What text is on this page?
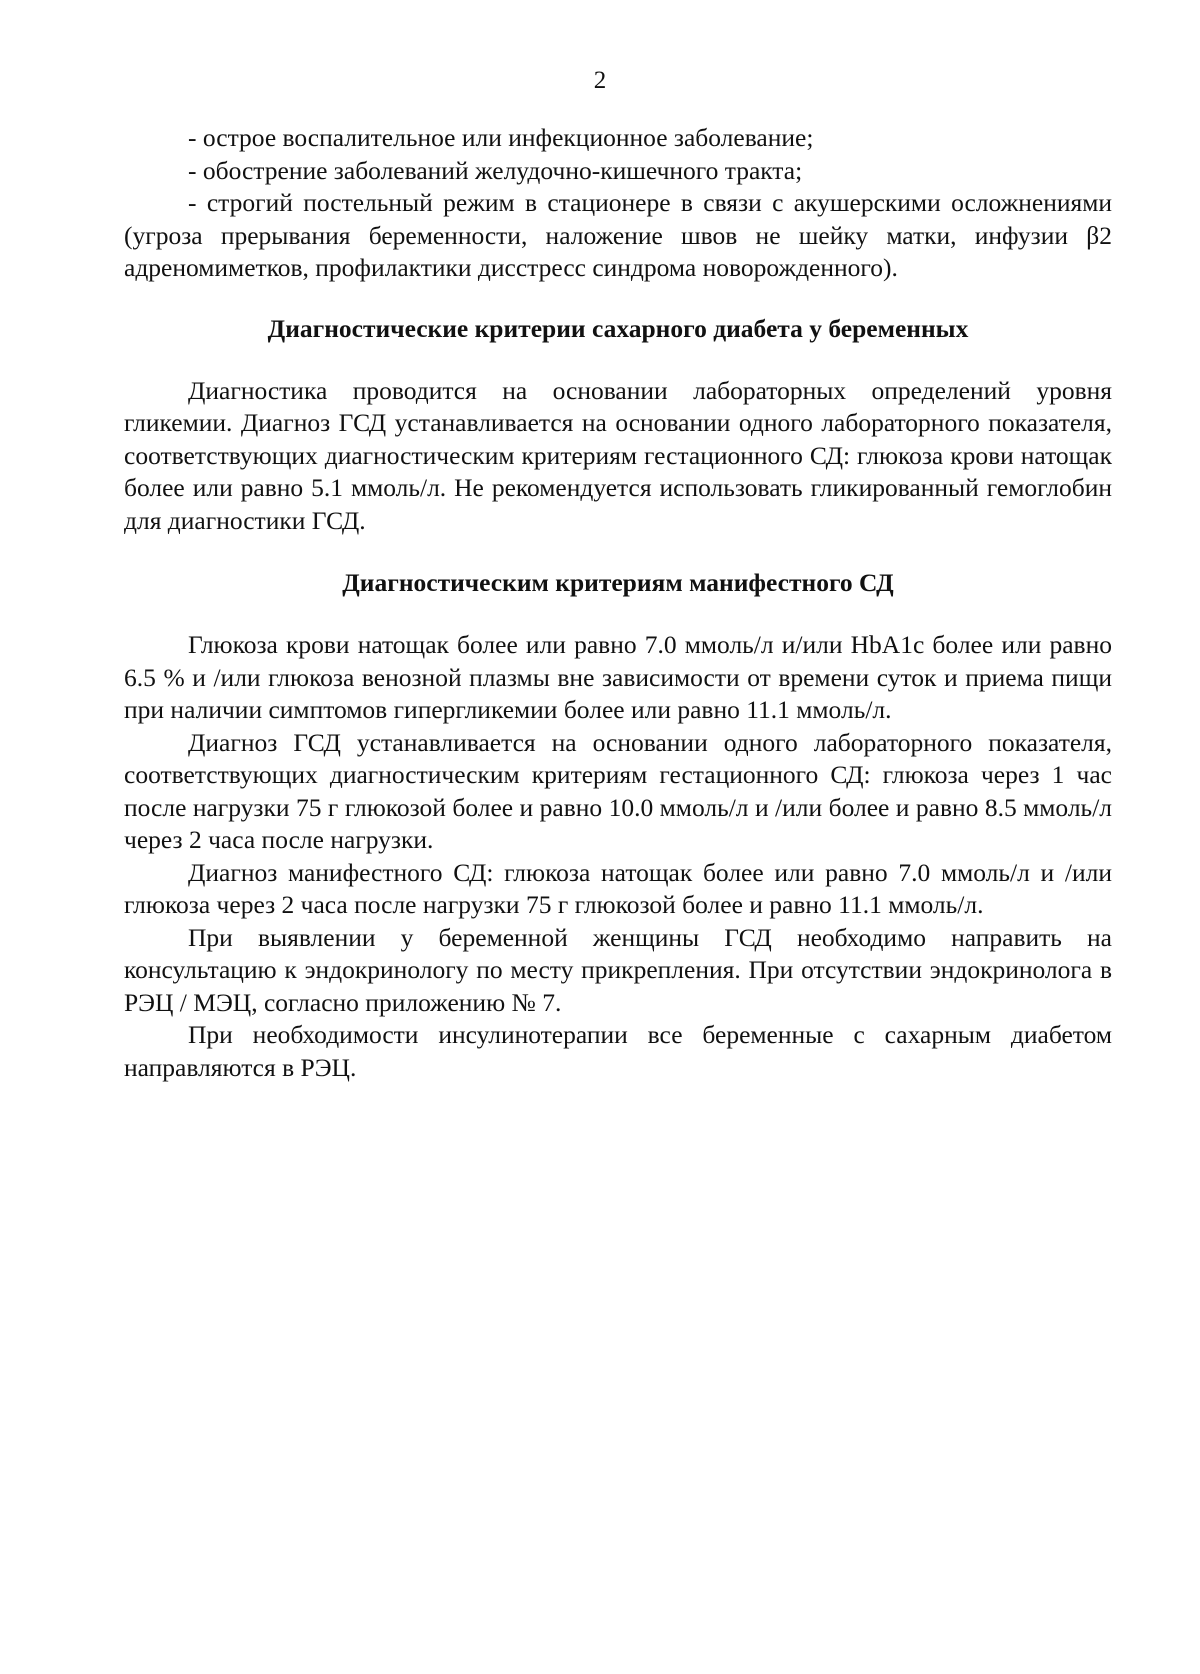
2

- острое воспалительное или инфекционное заболевание;

- обострение заболеваний желудочно-кишечного тракта;

- строгий постельный режим в стационере в связи с акушерскими осложнениями (угроза прерывания беременности, наложение швов не шейку матки, инфузии β2 адреномиметков, профилактики дисстресс синдрома новорожденного).

Диагностические критерии сахарного диабета у беременных

Диагностика проводится на основании лабораторных определений уровня гликемии. Диагноз ГСД устанавливается на основании одного лабораторного показателя, соответствующих диагностическим критериям гестационного СД: глюкоза крови натощак более или равно 5.1 ммоль/л. Не рекомендуется использовать гликированный гемоглобин для диагностики ГСД.

Диагностическим критериям манифестного СД

Глюкоза крови натощак более или равно 7.0 ммоль/л и/или HbA1c более или равно 6.5 % и /или глюкоза венозной плазмы вне зависимости от времени суток и приема пищи при наличии симптомов гипергликемии более или равно 11.1 ммоль/л.

Диагноз ГСД устанавливается на основании одного лабораторного показателя, соответствующих диагностическим критериям гестационного СД: глюкоза через 1 час после нагрузки 75 г глюкозой более и равно 10.0 ммоль/л и /или более и равно 8.5 ммоль/л через 2 часа после нагрузки.

Диагноз манифестного СД: глюкоза натощак более или равно 7.0 ммоль/л и /или глюкоза через 2 часа после нагрузки 75 г глюкозой более и равно 11.1 ммоль/л.

При выявлении у беременной женщины ГСД необходимо направить на консультацию к эндокринологу по месту прикрепления. При отсутствии эндокринолога в РЭЦ / МЭЦ, согласно приложению № 7.

При необходимости инсулинотерапии все беременные с сахарным диабетом направляются в РЭЦ.
